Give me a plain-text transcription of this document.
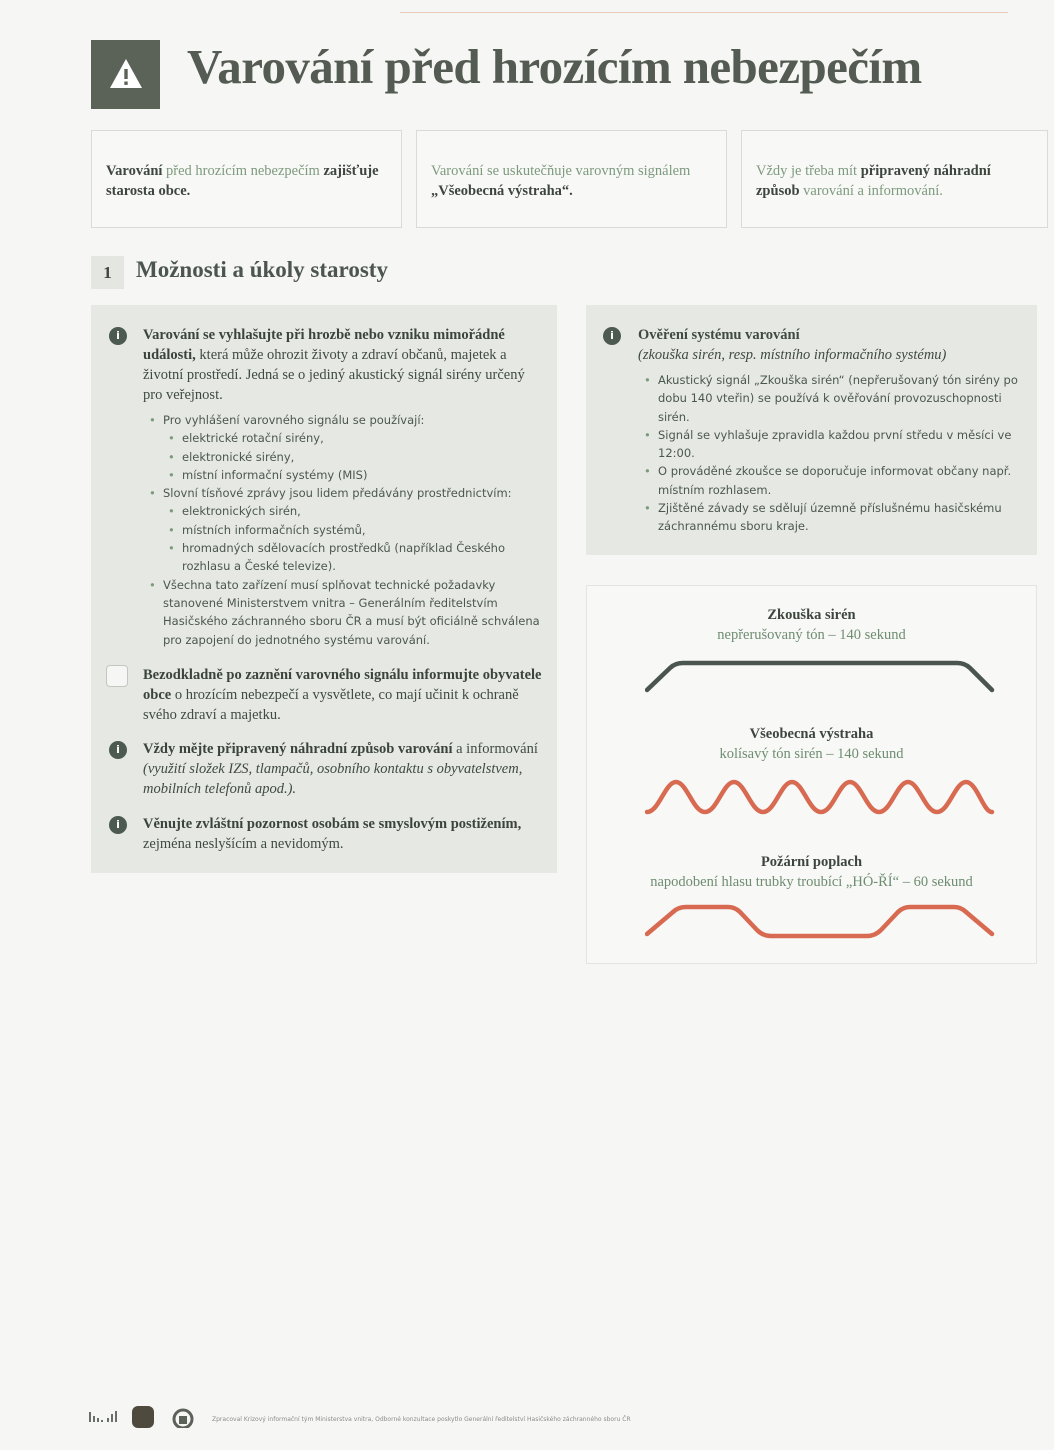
Varování před hrozícím nebezpečím
Varování před hrozícím nebezpečím zajišťuje starosta obce.
Varování se uskutečňuje varovným signálem „Všeobecná výstraha“.
Vždy je třeba mít připravený náhradní způsob varování a informování.
1	Možnosti a úkoly starosty
i	Varování se vyhlašujte při hrozbě nebo vzniku mimořádné události, která může ohrozit životy a zdraví občanů, majetek a životní prostředí. Jedná se o jediný akustický signál sirény určený pro veřejnost.
• Pro vyhlášení varovného signálu se používají:
• elektrické rotační sirény,
• elektronické sirény,
• místní informační systémy (MIS)
• Slovní tísňové zprávy jsou lidem předávány prostřednictvím:
• elektronických sirén,
• místních informačních systémů,
• hromadných sdělovacích prostředků (například Českého rozhlasu a České televize).
• Všechna tato zařízení musí splňovat technické požadavky stanovené Ministerstvem vnitra – Generálním ředitelstvím Hasičského záchranného sboru ČR a musí být oficiálně schválena pro zapojení do jednotného systému varování.
Bezodkladně po zaznění varovného signálu informujte obyvatele obce o hrozícím nebezpečí a vysvětlete, co mají učinit k ochraně svého zdraví a majetku.
i	Vždy mějte připravený náhradní způsob varování a informování (využití složek IZS, tlampačů, osobního kontaktu s obyvatelstvem, mobilních telefonů apod.).
i	Věnujte zvláštní pozornost osobám se smyslovým postižením, zejména neslyšícím a nevidomým.
i	Ověření systému varování
(zkouška sirén, resp. místního informačního systému)
• Akustický signál „Zkouška sirén“ (nepřerušovaný tón sirény po dobu 140 vteřin) se používá k ověřování provozuschopnosti sirén.
• Signál se vyhlašuje zpravidla každou první středu v měsíci ve 12:00.
• O prováděné zkoušce se doporučuje informovat občany např. místním rozhlasem.
• Zjištěné závady se sdělují územně příslušnému hasičskému záchrannému sboru kraje.
Zkouška sirén
nepřerušovaný tón – 140 sekund
Všeobecná výstraha
kolísavý tón sirén – 140 sekund
Požární poplach
napodobení hlasu trubky troubící „HÓ-ŘÍ“ – 60 sekund
Zpracoval Krizový informační tým Ministerstva vnitra, Odborné konzultace poskytlo Generální ředitelství Hasičského záchranného sboru ČR
